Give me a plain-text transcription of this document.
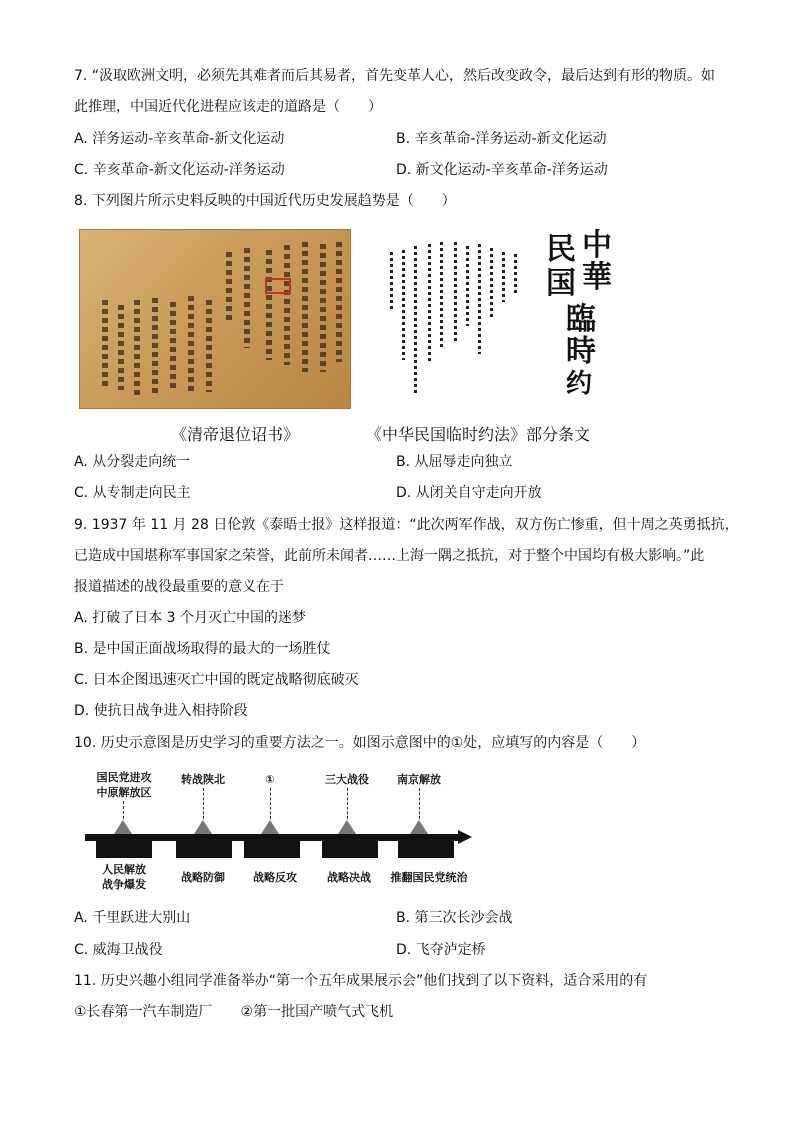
7. “汲取欧洲文明，必须先其难者而后其易者，首先变革人心，然后改变政令，最后达到有形的物质。如
此推理，中国近代化进程应该走的道路是（　　）
A. 洋务运动-辛亥革命-新文化运动	B. 辛亥革命-洋务运动-新文化运动
C. 辛亥革命-新文化运动-洋务运动	D. 新文化运动-辛亥革命-洋务运动
8. 下列图片所示史料反映的中国近代历史发展趋势是（　　）
中
華
民
国
臨
時
约
《清帝退位诏书》	《中华民国临时约法》部分条文
A. 从分裂走向统一	B. 从屈辱走向独立
C. 从专制走向民主	D. 从闭关自守走向开放
9. 1937 年 11 月 28 日伦敦《泰晤士报》这样报道：“此次两军作战，双方伤亡惨重，但十周之英勇抵抗，
已造成中国堪称军事国家之荣誉，此前所未闻者……上海一隅之抵抗，对于整个中国均有极大影响。”此
报道描述的战役最重要的意义在于
A. 打破了日本 3 个月灭亡中国的迷梦
B. 是中国正面战场取得的最大的一场胜仗
C. 日本企图迅速灭亡中国的既定战略彻底破灭
D. 使抗日战争进入相持阶段
10. 历史示意图是历史学习的重要方法之一。如图示意图中的①处，应填写的内容是（　　）
国民党进攻
中原解放区
转战陕北	①	三大战役	南京解放
人民解放
战争爆发
战略防御	战略反攻	战略决战	推翻国民党统治
A. 千里跃进大别山	B. 第三次长沙会战
C. 威海卫战役	D. 飞夺泸定桥
11. 历史兴趣小组同学准备举办“第一个五年成果展示会”他们找到了以下资料，适合采用的有
①长春第一汽车制造厂　　②第一批国产喷气式飞机
